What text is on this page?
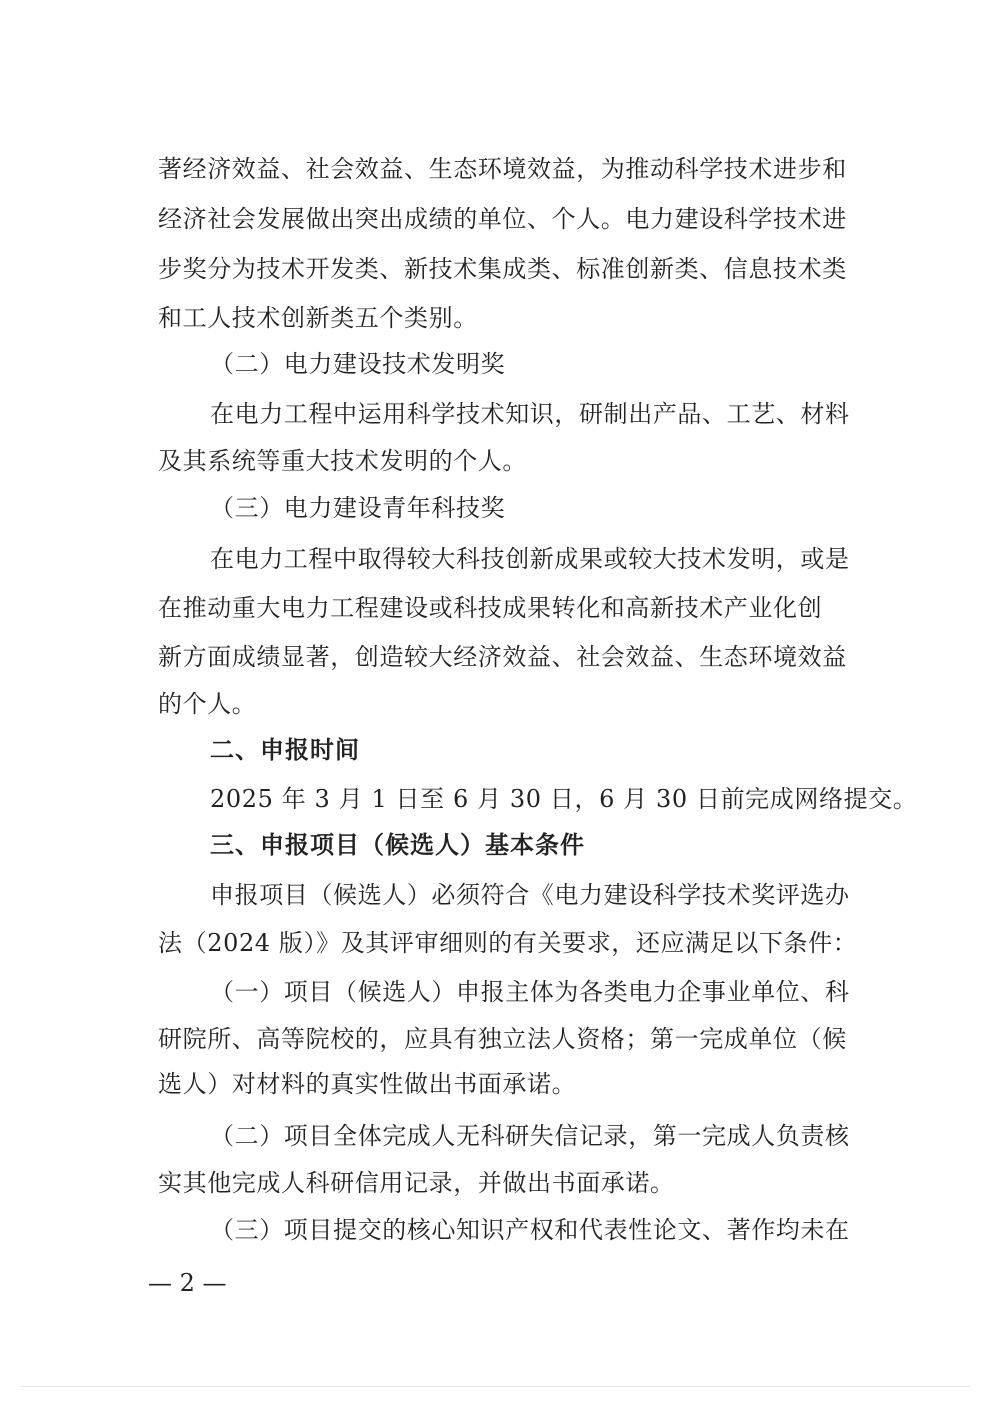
著经济效益、社会效益、生态环境效益，为推动科学技术进步和
经济社会发展做出突出成绩的单位、个人。电力建设科学技术进
步奖分为技术开发类、新技术集成类、标准创新类、信息技术类
和工人技术创新类五个类别。
（二）电力建设技术发明奖
在电力工程中运用科学技术知识，研制出产品、工艺、材料
及其系统等重大技术发明的个人。
（三）电力建设青年科技奖
在电力工程中取得较大科技创新成果或较大技术发明，或是
在推动重大电力工程建设或科技成果转化和高新技术产业化创
新方面成绩显著，创造较大经济效益、社会效益、生态环境效益
的个人。
二、申报时间
2025 年 3 月 1 日至 6 月 30 日，6 月 30 日前完成网络提交。
三、申报项目（候选人）基本条件
申报项目（候选人）必须符合《电力建设科学技术奖评选办
法（2024 版）》及其评审细则的有关要求，还应满足以下条件：
（一）项目（候选人）申报主体为各类电力企事业单位、科
研院所、高等院校的，应具有独立法人资格；第一完成单位（候
选人）对材料的真实性做出书面承诺。
（二）项目全体完成人无科研失信记录，第一完成人负责核
实其他完成人科研信用记录，并做出书面承诺。
（三）项目提交的核心知识产权和代表性论文、著作均未在
— 2 —
